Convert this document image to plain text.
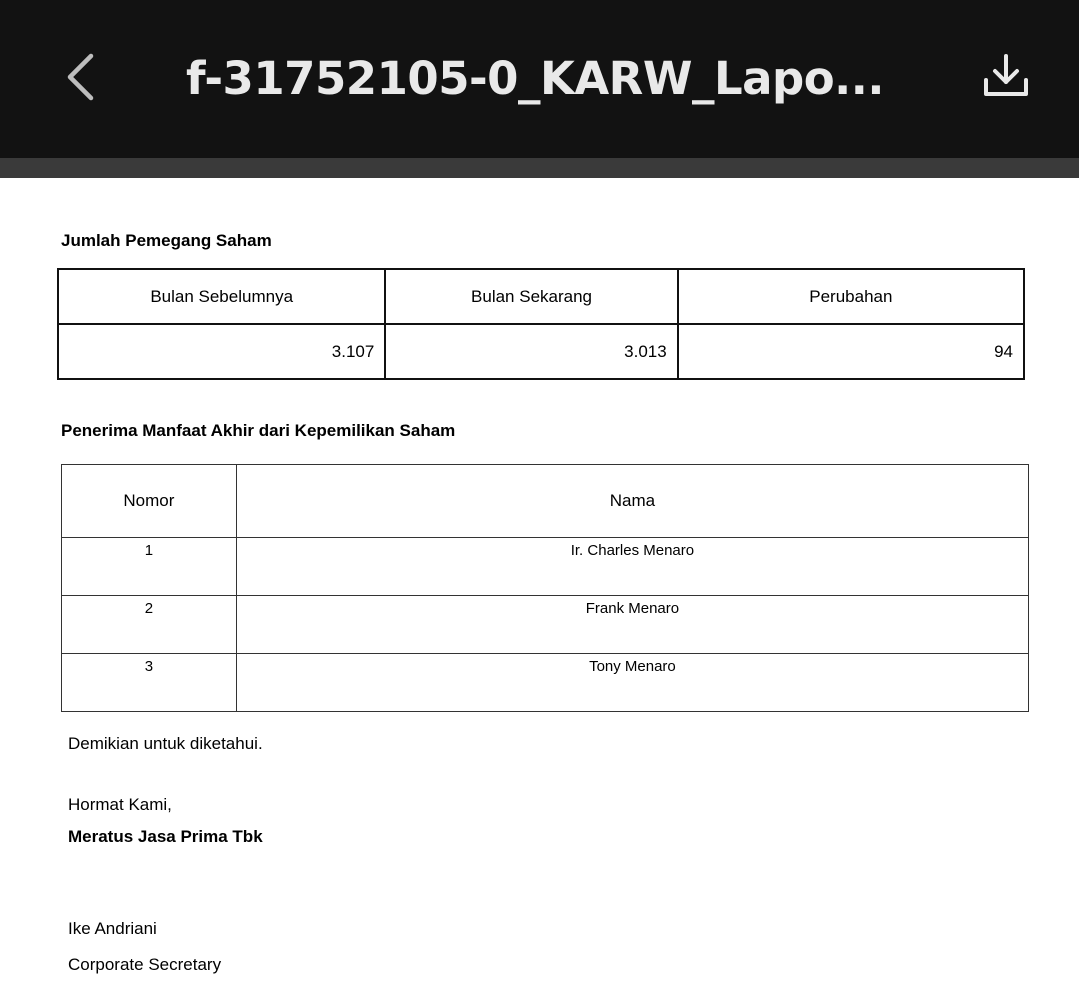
f-31752105-0_KARW_Lapo...
Jumlah Pemegang Saham
Bulan Sebelumnya	Bulan Sekarang	Perubahan
3.107	3.013	94
Penerima Manfaat Akhir dari Kepemilikan Saham
Nomor	Nama
1	Ir. Charles Menaro
2	Frank Menaro
3	Tony Menaro
Demikian untuk diketahui.
Hormat Kami,
Meratus Jasa Prima Tbk
Ike Andriani
Corporate Secretary
